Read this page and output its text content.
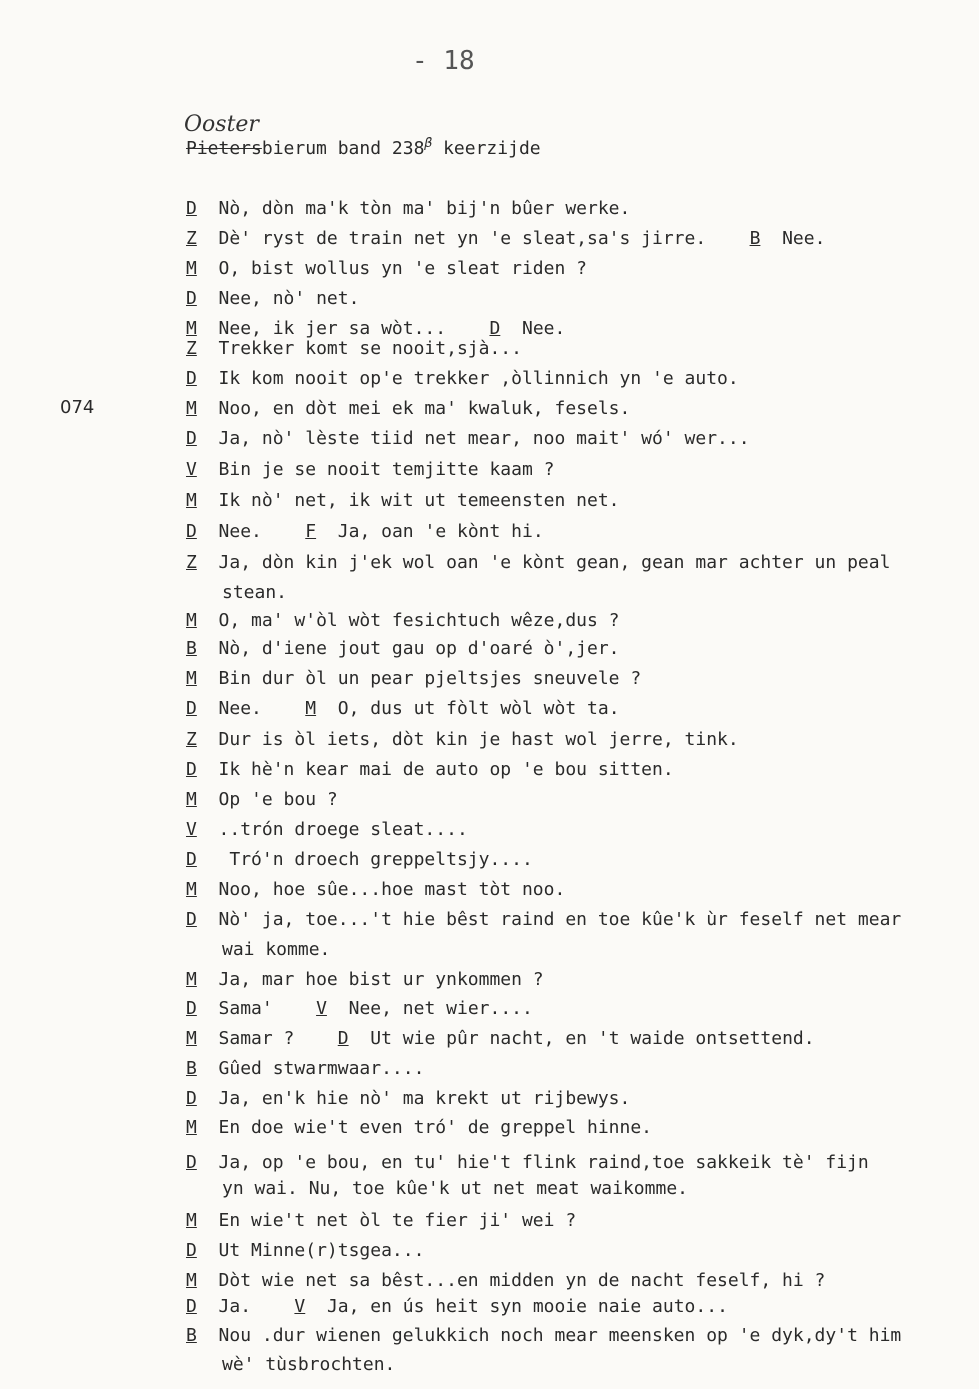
- 18
Ooster
Pietersbierum band $238^\beta$ keerzijde
074
D Nò, dòn ma'k tòn ma' bij'n bûer werke.
Z Dè' ryst de train net yn 'e sleat,sa's jirre. B Nee.
M O, bist wollus yn 'e sleat riden ?
D Nee, nò' net.
M Nee, ik jer sa wòt... D Nee.
Z Trekker komt se nooit,sjà...
D Ik kom nooit op'e trekker ,òllinnich yn 'e auto.
M Noo, en dòt mei ek ma' kwaluk, fesels.
D Ja, nò' lèste tiid net mear, noo mait' wó' wer...
V Bin je se nooit temjitte kaam ?
M Ik nò' net, ik wit ut temeensten net.
D Nee. F Ja, oan 'e kònt hi.
Z Ja, dòn kin j'ek wol oan 'e kònt gean, gean mar achter un peal
stean.
M O, ma' w'òl wòt fesichtuch wêze,dus ?
B Nò, d'iene jout gau op d'oaré ò',jer.
M Bin dur òl un pear pjeltsjes sneuvele ?
D Nee. M O, dus ut fòlt wòl wòt ta.
Z Dur is òl iets, dòt kin je hast wol jerre, tink.
D Ik hè'n kear mai de auto op 'e bou sitten.
M Op 'e bou ?
V ..trón droege sleat....
D   Tró'n droech greppeltsjy....
M Noo, hoe sûe...hoe mast tòt noo.
D Nò' ja, toe...'t hie bêst raind en toe kûe'k ùr feself net mear
wai komme.
M Ja, mar hoe bist ur ynkommen ?
D Sama' V Nee, net wier....
M Samar ? D Ut wie pûr nacht, en 't waide ontsettend.
B Gûed stwarmwaar....
D Ja, en'k hie nò' ma krekt ut rijbewys.
M En doe wie't even tró' de greppel hinne.
D Ja, op 'e bou, en tu' hie't flink raind,toe sakkeik tè' fijn
yn wai. Nu, toe kûe'k ut net meat waikomme.
M En wie't net òl te fier ji' wei ?
D Ut Minne(r)tsgea...
M Dòt wie net sa bêst...en midden yn de nacht feself, hi ?
D Ja. V Ja, en ús heit syn mooie naie auto...
B Nou .dur wienen gelukkich noch mear meensken op 'e dyk,dy't him
wè' tùsbrochten.
